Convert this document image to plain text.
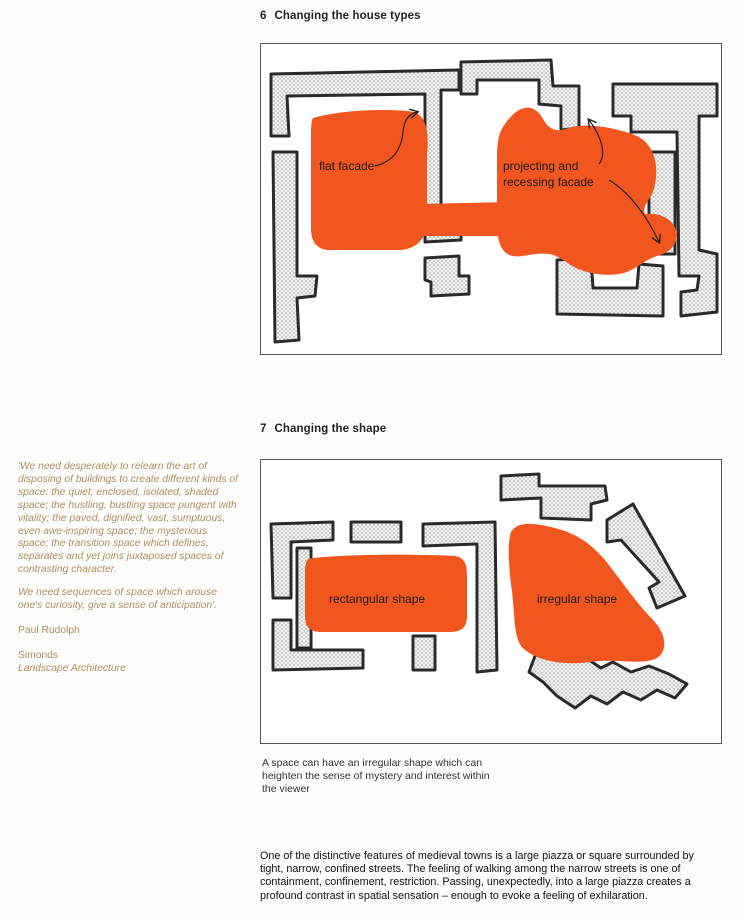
6 Changing the house types
flat facade	projecting and
recessing facade
7 Changing the shape
rectangular shape	irregular shape

'We need desperately to relearn the art of disposing of buildings to create different kinds of space: the quiet, enclosed, isolated, shaded space; the hustling, bustling space pungent with vitality; the paved, dignified, vast, sumptuous, even awe-inspiring space; the mysterious space; the transition space which defines, separates and yet joins juxtaposed spaces of contrasting character.

We need sequences of space which arouse one's curiosity, give a sense of anticipation'.

Paul Rudolph
Simonds
Landscape Architecture
A space can have an irregular shape which can heighten the sense of mystery and interest within the viewer
One of the distinctive features of medieval towns is a large piazza or square surrounded by tight, narrow, confined streets. The feeling of walking among the narrow streets is one of containment, confinement, restriction. Passing, unexpectedly, into a large piazza creates a profound contrast in spatial sensation – enough to evoke a feeling of exhilaration.
